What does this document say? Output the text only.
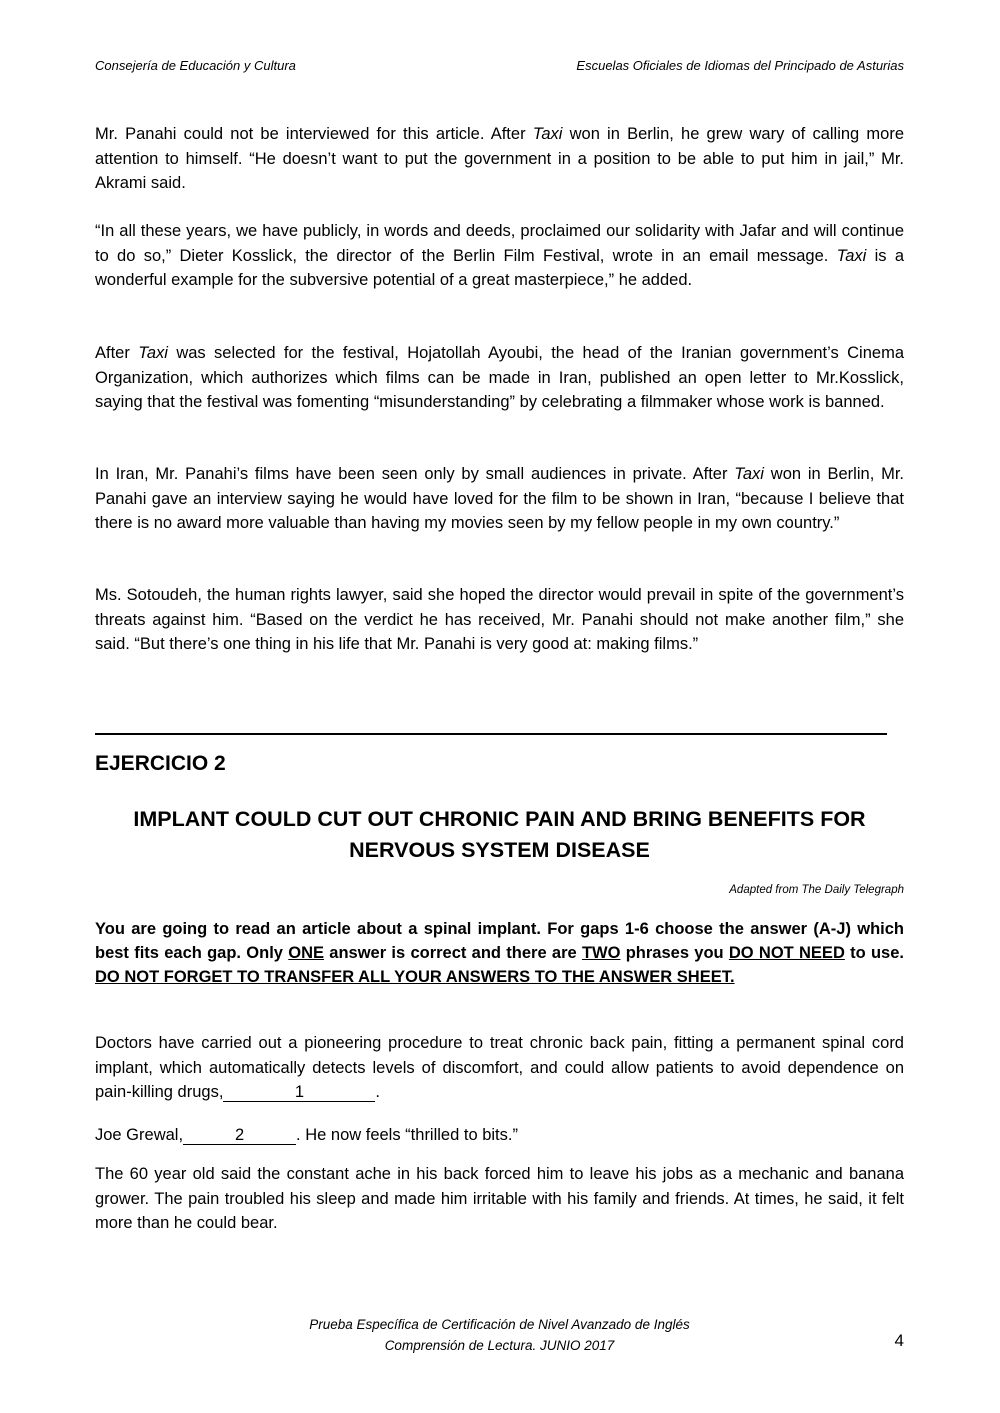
Consejería de Educación y Cultura	Escuelas Oficiales de Idiomas del Principado de Asturias

Mr. Panahi could not be interviewed for this article. After Taxi won in Berlin, he grew wary of calling more attention to himself. “He doesn’t want to put the government in a position to be able to put him in jail,” Mr. Akrami said.

“In all these years, we have publicly, in words and deeds, proclaimed our solidarity with Jafar and will continue to do so,” Dieter Kosslick, the director of the Berlin Film Festival, wrote in an email message. Taxi is a wonderful example for the subversive potential of a great masterpiece,” he added.

After Taxi was selected for the festival, Hojatollah Ayoubi, the head of the Iranian government’s Cinema Organization, which authorizes which films can be made in Iran, published an open letter to Mr.Kosslick, saying that the festival was fomenting “misunderstanding” by celebrating a filmmaker whose work is banned.

In Iran, Mr. Panahi’s films have been seen only by small audiences in private. After Taxi won in Berlin, Mr. Panahi gave an interview saying he would have loved for the film to be shown in Iran, “because I believe that there is no award more valuable than having my movies seen by my fellow people in my own country.”

Ms. Sotoudeh, the human rights lawyer, said she hoped the director would prevail in spite of the government’s threats against him. “Based on the verdict he has received, Mr. Panahi should not make another film,” she said. “But there’s one thing in his life that Mr. Panahi is very good at: making films.”

EJERCICIO 2
IMPLANT COULD CUT OUT CHRONIC PAIN AND BRING BENEFITS FOR NERVOUS SYSTEM DISEASE
Adapted from The Daily Telegraph

You are going to read an article about a spinal implant. For gaps 1-6 choose the answer (A-J) which best fits each gap. Only ONE answer is correct and there are TWO phrases you DO NOT NEED to use. DO NOT FORGET TO TRANSFER ALL YOUR ANSWERS TO THE ANSWER SHEET.

Doctors have carried out a pioneering procedure to treat chronic back pain, fitting a permanent spinal cord implant, which automatically detects levels of discomfort, and could allow patients to avoid dependence on pain-killing drugs,	1	.

Joe Grewal,	2	. He now feels “thrilled to bits.”

The 60 year old said the constant ache in his back forced him to leave his jobs as a mechanic and banana grower. The pain troubled his sleep and made him irritable with his family and friends. At times, he said, it felt more than he could bear.

Prueba Específica de Certificación de Nivel Avanzado de Inglés
Comprensión de Lectura. JUNIO 2017	4
